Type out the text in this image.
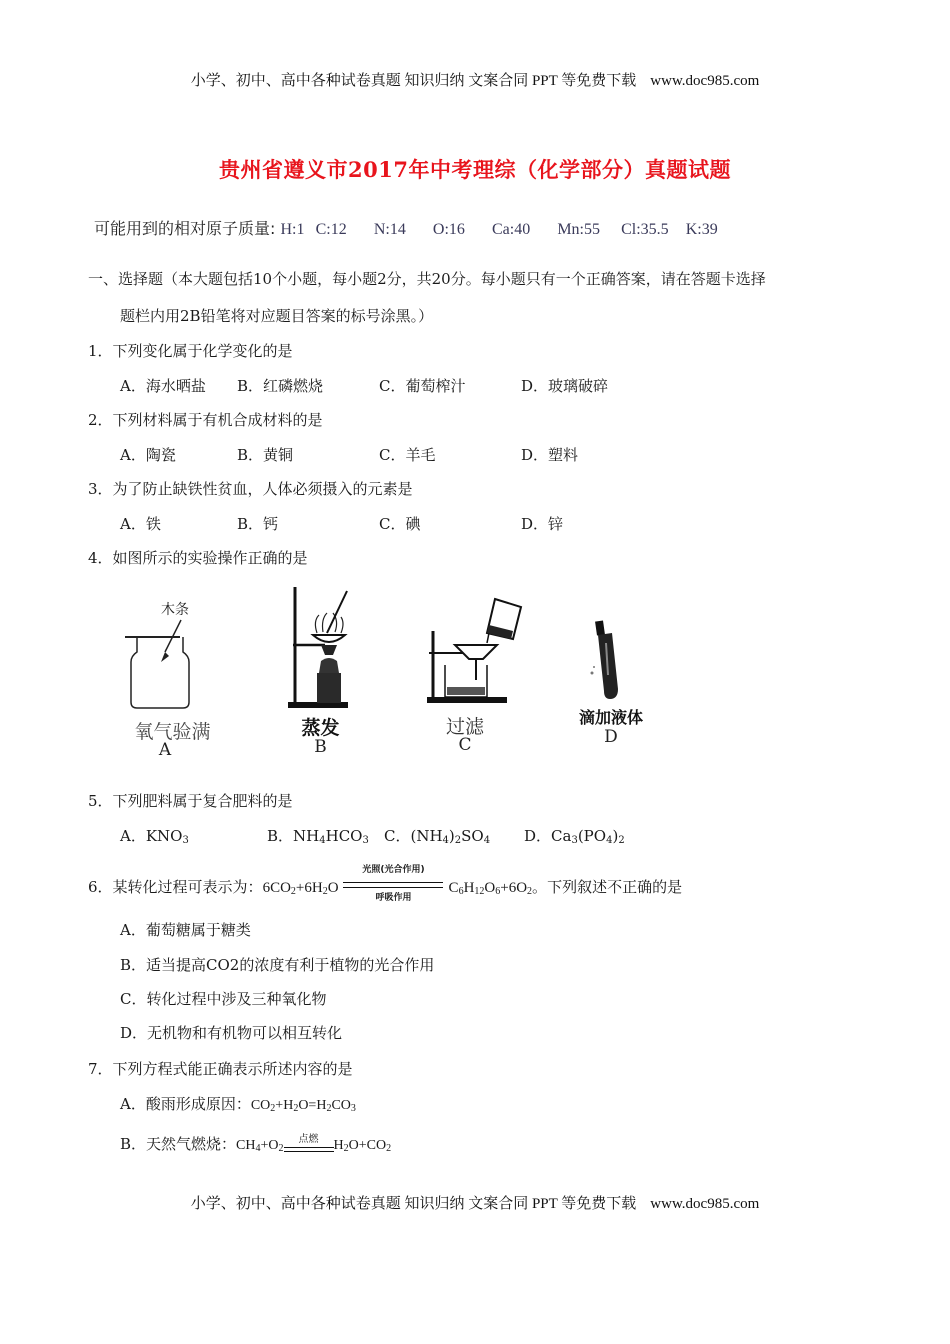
小学、初中、高中各种试卷真题 知识归纳 文案合同 PPT 等免费下载 www.doc985.com
贵州省遵义市2017年中考理综（化学部分）真题试题
可能用到的相对原子质量: H:1 C:12 N:14 O:16 Ca:40 Mn:55 Cl:35.5 K:39
一、选择题（本大题包括10个小题，每小题2分，共20分。每小题只有一个正确答案，请在答题卡选择
题栏内用2B铅笔将对应题目答案的标号涂黑。）
1．下列变化属于化学变化的是
A．海水晒盐 B．红磷燃烧	C．葡萄榨汁	D．玻璃破碎
2．下列材料属于有机合成材料的是
A．陶瓷	B．黄铜	C．羊毛	D．塑料
3．为了防止缺铁性贫血，人体必须摄入的元素是
A．铁	B．钙	C．碘	D．锌
4．如图所示的实验操作正确的是
木条
氧气验满
A
蒸发
B
过滤
C
滴加液体
D
5．下列肥料属于复合肥料的是
A．$KNO_3$	B．$NH_4HCO_3$ C．$(NH_4)_2SO_4$ D．$Ca_3(PO_4)_2$
6．某转化过程可表示为：$6CO_2+6H_2O$
光照(光合作用)
呼吸作用
$C_6H_{12}O_6+6O_2$。下列叙述不正确的是
A．葡萄糖属于糖类
B．适当提高CO2的浓度有利于植物的光合作用
C．转化过程中涉及三种氧化物
D．无机物和有机物可以相互转化
7．下列方程式能正确表示所述内容的是
A．酸雨形成原因：$CO_2+H_2O=H_2CO_3$
B．天然气燃烧：$CH_4+O_2$
点燃	$H_2O+CO_2$
小学、初中、高中各种试卷真题 知识归纳 文案合同 PPT 等免费下载 www.doc985.com
